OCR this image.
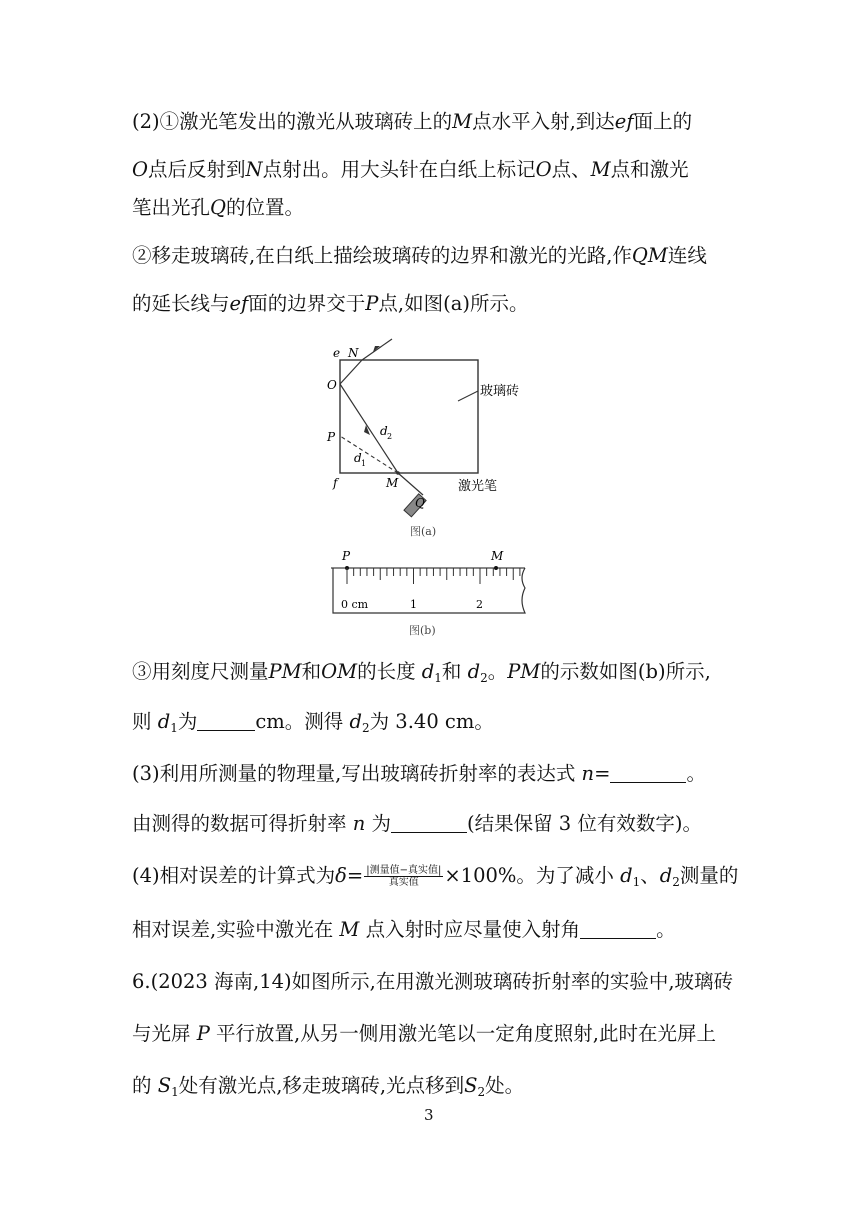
(2)①激光笔发出的激光从玻璃砖上的M点水平入射,到达ef面上的
O点后反射到N点射出。用大头针在白纸上标记O点、M点和激光
笔出光孔Q的位置。
②移走玻璃砖,在白纸上描绘玻璃砖的边界和激光的光路,作QM连线
的延长线与ef面的边界交于P点,如图(a)所示。
e N
O
P
f	M
Q
d 2
d 1
玻璃砖
激光笔
图(a)
P	M
0 cm	1	2
图(b)
③用刻度尺测量PM和OM的长度 $d_1$和 $d_2$。PM的示数如图(b)所示,
则 $d_1$为	cm。测得 $d_2$为 3.40 cm。
(3)利用所测量的物理量,写出玻璃砖折射率的表达式 n=	。
由测得的数据可得折射率 n 为	(结果保留 3 位有效数字)。
(4)相对误差的计算式为$\delta= \frac{\text{|测量值−真实值|}}{\text{真实值}} \times 100\%$。为了减小 $d_1$、$d_2$测量的
相对误差,实验中激光在 M 点入射时应尽量使入射角	。
6.(2023 海南,14)如图所示,在用激光测玻璃砖折射率的实验中,玻璃砖
与光屏 P 平行放置,从另一侧用激光笔以一定角度照射,此时在光屏上
的 $S_1$处有激光点,移走玻璃砖,光点移到$S_2$处。
3
